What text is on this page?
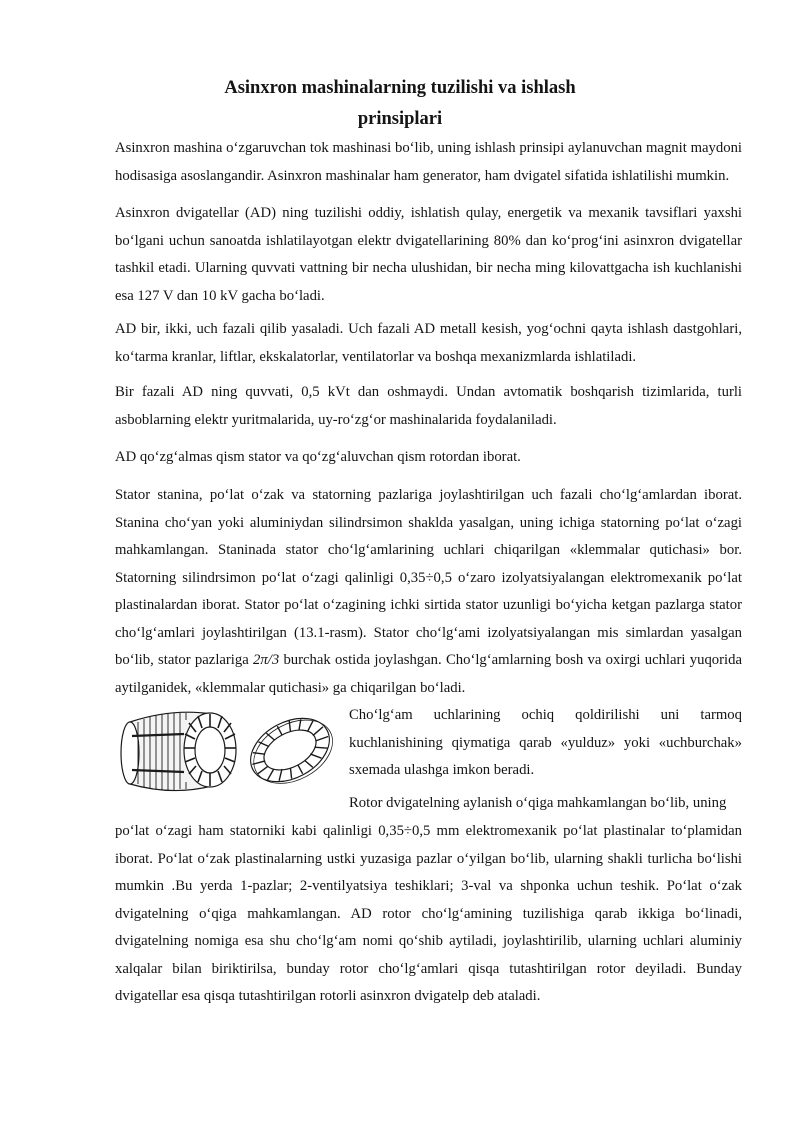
Asinxron mashinalarning tuzilishi va ishlash
prinsiplari

Asinxron mashina o‘zgaruvchan tok mashinasi bo‘lib, uning ishlash prinsipi aylanuvchan magnit maydoni hodisasiga asoslangandir. Asinxron mashinalar ham generator, ham dvigatel sifatida ishlatilishi mumkin.

Asinxron dvigatellar (AD) ning tuzilishi oddiy, ishlatish qulay, energetik va mexanik tavsiflari yaxshi bo‘lgani uchun sanoatda ishlatilayotgan elektr dvigatellarining 80% dan ko‘prog‘ini asinxron dvigatellar tashkil etadi. Ularning quvvati vattning bir necha ulushidan, bir necha ming kilovattgacha ish kuchlanishi esa 127 V dan 10 kV gacha bo‘ladi.

AD bir, ikki, uch fazali qilib yasaladi. Uch fazali AD metall kesish, yog‘ochni qayta ishlash dastgohlari, ko‘tarma kranlar, liftlar, ekskalatorlar, ventilatorlar va boshqa mexanizmlarda ishlatiladi.

Bir fazali AD ning quvvati, 0,5 kVt dan oshmaydi. Undan avtomatik boshqarish tizimlarida, turli asboblarning elektr yuritmalarida, uy-ro‘zg‘or mashinalarida foydalaniladi.

AD qo‘zg‘almas qism stator va qo‘zg‘aluvchan qism rotordan iborat.

Stator stanina, po‘lat o‘zak va statorning pazlariga joylashtirilgan uch fazali cho‘lg‘amlardan iborat. Stanina cho‘yan yoki aluminiydan silindrsimon shaklda yasalgan, uning ichiga statorning po‘lat o‘zagi mahkamlangan. Staninada stator cho‘lg‘amlarining uchlari chiqarilgan «klemmalar qutichasi» bor. Statorning silindrsimon po‘lat o‘zagi qalinligi 0,35÷0,5 o‘zaro izolyatsiyalangan elektromexanik po‘lat plastinalardan iborat. Stator po‘lat o‘zagining ichki sirtida stator uzunligi bo‘yicha ketgan pazlarga stator cho‘lg‘amlari joylashtirilgan (13.1-rasm). Stator cho‘lg‘ami izolyatsiyalangan mis simlardan yasalgan bo‘lib, stator pazlariga 2π/3 burchak ostida joylashgan. Cho‘lg‘amlarning bosh va oxirgi uchlari yuqorida aytilganidek, «klemmalar qutichasi» ga chiqarilgan bo‘ladi.

Cho‘lg‘am uchlarining ochiq qoldirilishi uni tarmoq kuchlanishining qiymatiga qarab «yulduz» yoki «uchburchak» sxemada ulashga imkon beradi.

Rotor dvigatelning aylanish o‘qiga mahkamlangan bo‘lib, uning

po‘lat o‘zagi ham statorniki kabi qalinligi 0,35÷0,5 mm elektromexanik po‘lat plastinalar to‘plamidan iborat. Po‘lat o‘zak plastinalarning ustki yuzasiga pazlar o‘yilgan bo‘lib, ularning shakli turlicha bo‘lishi mumkin .Bu yerda 1-pazlar; 2-ventilyatsiya teshiklari; 3-val va shponka uchun teshik. Po‘lat o‘zak dvigatelning o‘qiga mahkamlangan. AD rotor cho‘lg‘amining tuzilishiga qarab ikkiga bo‘linadi, dvigatelning nomiga esa shu cho‘lg‘am nomi qo‘shib aytiladi, joylashtirilib, ularning uchlari aluminiy xalqalar bilan biriktirilsa, bunday rotor cho‘lg‘amlari qisqa tutashtirilgan rotor deyiladi. Bunday dvigatellar esa qisqa tutashtirilgan rotorli asinxron dvigatelp deb ataladi.
